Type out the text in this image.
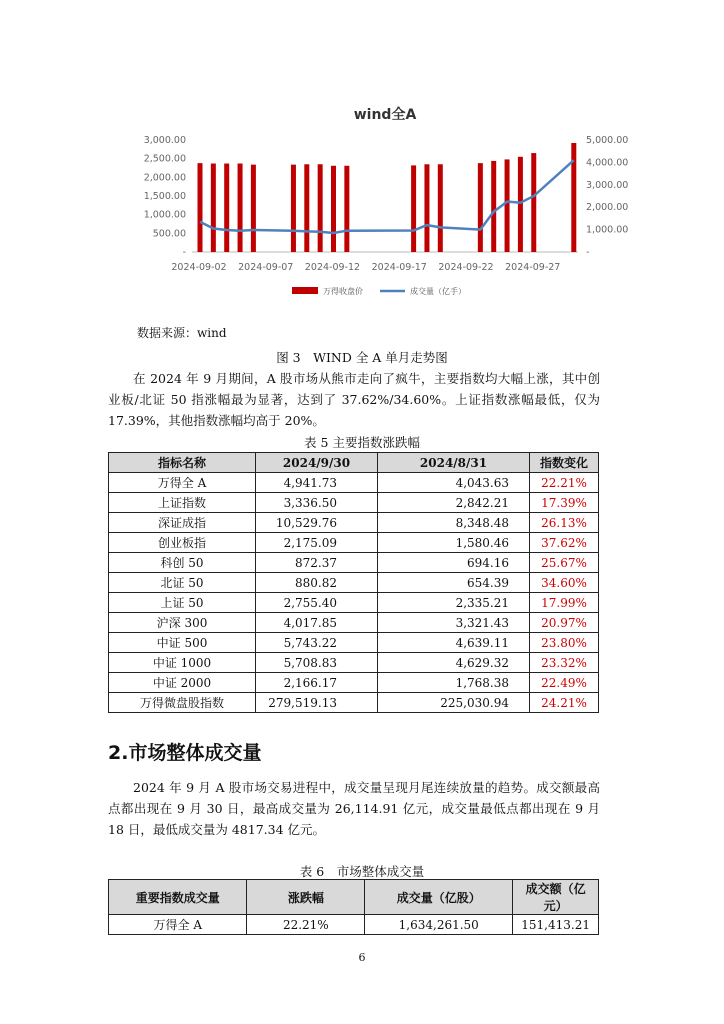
wind全A
3,000.00
2,500.00
2,000.00
1,500.00
1,000.00
500.00
-
5,000.00
4,000.00
3,000.00
2,000.00
1,000.00
-
2024-09-02 2024-09-07 2024-09-12 2024-09-17 2024-09-22 2024-09-27
万得收盘价	成交量（亿手）
数据来源：wind
图 3　WIND 全 A 单月走势图
在 2024 年 9 月期间，A 股市场从熊市走向了疯牛，主要指数均大幅上涨，其中创业板/北证 50 指涨幅最为显著，达到了 37.62%/34.60%。上证指数涨幅最低，仅为 17.39%，其他指数涨幅均高于 20%。
表 5 主要指数涨跌幅
指标名称	2024/9/30	2024/8/31	指数变化
万得全 A	4,941.73	4,043.63	22.21%
上证指数	3,336.50	2,842.21	17.39%
深证成指	10,529.76	8,348.48	26.13%
创业板指	2,175.09	1,580.46	37.62%
科创 50	872.37	694.16	25.67%
北证 50	880.82	654.39	34.60%
上证 50	2,755.40	2,335.21	17.99%
沪深 300	4,017.85	3,321.43	20.97%
中证 500	5,743.22	4,639.11	23.80%
中证 1000	5,708.83	4,629.32	23.32%
中证 2000	2,166.17	1,768.38	22.49%
万得微盘股指数	279,519.13	225,030.94	24.21%
2.市场整体成交量
2024 年 9 月 A 股市场交易进程中，成交量呈现月尾连续放量的趋势。成交额最高点都出现在 9 月 30 日，最高成交量为 26,114.91 亿元，成交量最低点都出现在 9 月 18 日，最低成交量为 4817.34 亿元。
表 6　市场整体成交量
重要指数成交量	涨跌幅	成交量（亿股）	成交额（亿元）
万得全 A	22.21%	1,634,261.50	151,413.21
6
